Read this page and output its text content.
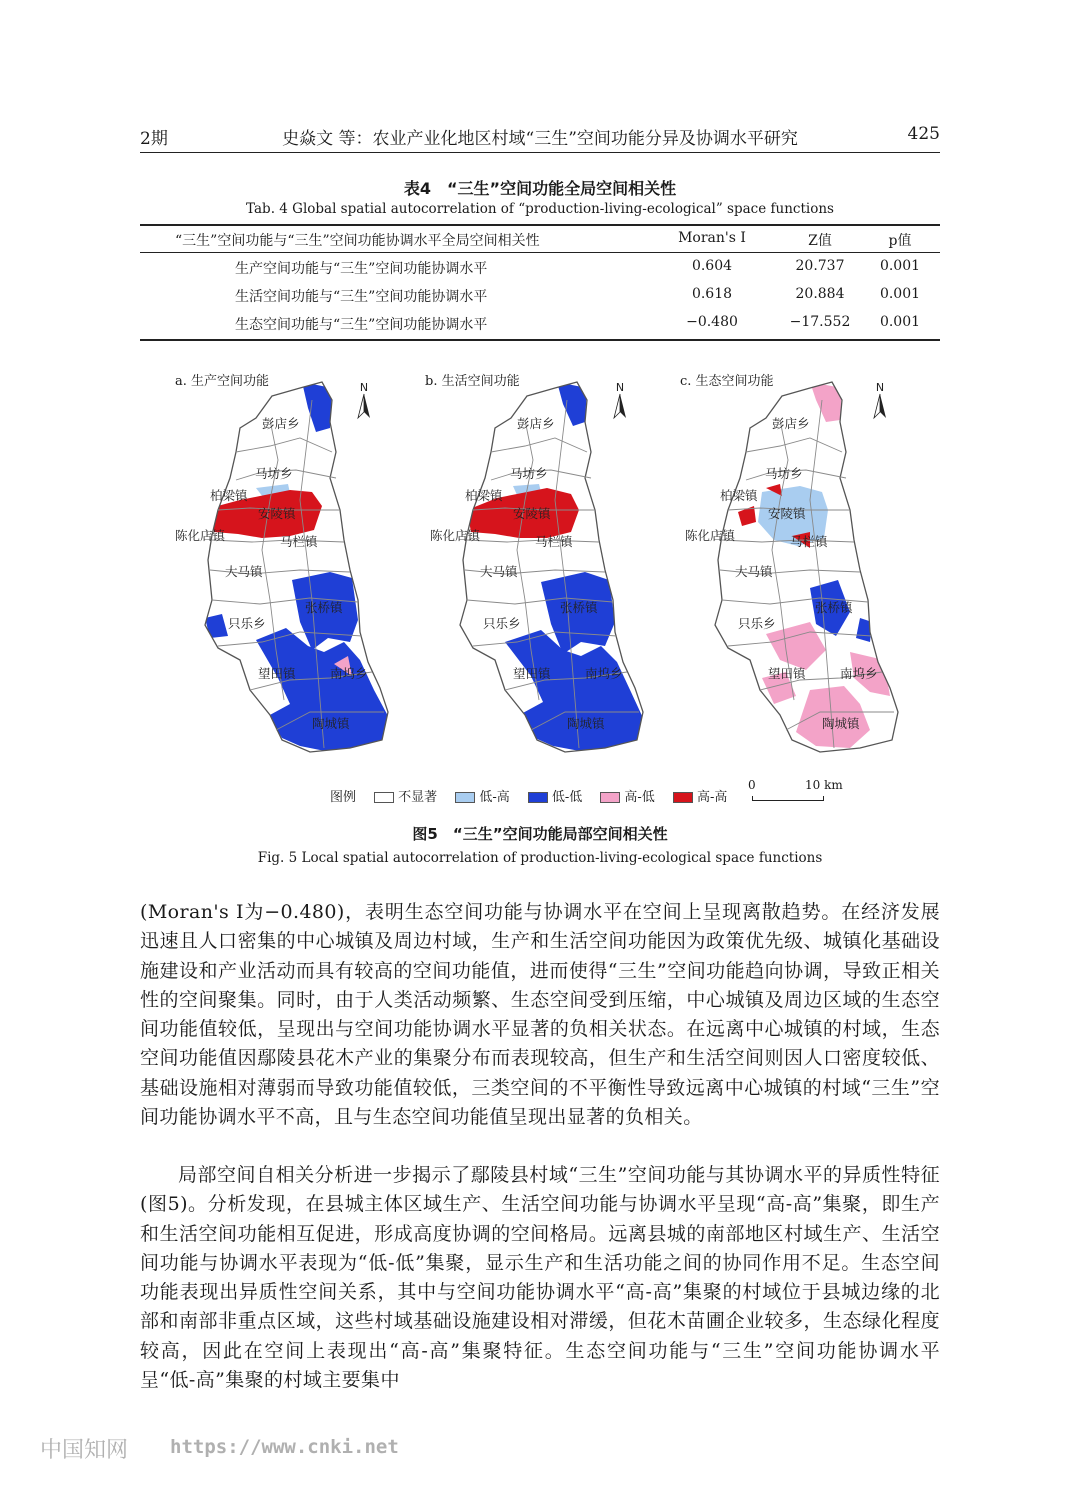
2期	史焱文 等：农业产业化地区村域“三生”空间功能分异及协调水平研究	425
表4　“三生”空间功能全局空间相关性
Tab. 4 Global spatial autocorrelation of “production-living-ecological” space functions
“三生”空间功能与“三生”空间功能协调水平全局空间相关性	Moran's I	Z值	p值
生产空间功能与“三生”空间功能协调水平	0.604	20.737	0.001
生活空间功能与“三生”空间功能协调水平	0.618	20.884	0.001
生态空间功能与“三生”空间功能协调水平	−0.480	−17.552	0.001
a. 生产空间功能	b. 生活空间功能	c. 生态空间功能
N	N	N
彭店乡
马坊乡
柏梁镇
安陵镇
陈化店镇	马栏镇
大马镇
张桥镇
只乐乡
望田镇	南坞乡
陶城镇
彭店乡
马坊乡
柏梁镇
安陵镇
陈化店镇	马栏镇
大马镇
张桥镇
只乐乡
望田镇	南坞乡
陶城镇
彭店乡
马坊乡
柏梁镇
安陵镇
陈化店镇	马栏镇
大马镇
张桥镇
只乐乡
望田镇	南坞乡
陶城镇
图例	不显著	低-高	低-低	高-低	高-高
0	10 km
图5　“三生”空间功能局部空间相关性
Fig. 5 Local spatial autocorrelation of production-living-ecological space functions
(Moran's I为−0.480)，表明生态空间功能与协调水平在空间上呈现离散趋势。在经济发展迅速且人口密集的中心城镇及周边村域，生产和生活空间功能因为政策优先级、城镇化基础设施建设和产业活动而具有较高的空间功能值，进而使得“三生”空间功能趋向协调，导致正相关性的空间聚集。同时，由于人类活动频繁、生态空间受到压缩，中心城镇及周边区域的生态空间功能值较低，呈现出与空间功能协调水平显著的负相关状态。在远离中心城镇的村域，生态空间功能值因鄢陵县花木产业的集聚分布而表现较高，但生产和生活空间则因人口密度较低、基础设施相对薄弱而导致功能值较低，三类空间的不平衡性导致远离中心城镇的村域“三生”空间功能协调水平不高，且与生态空间功能值呈现出显著的负相关。
局部空间自相关分析进一步揭示了鄢陵县村域“三生”空间功能与其协调水平的异质性特征(图5)。分析发现，在县城主体区域生产、生活空间功能与协调水平呈现“高-高”集聚，即生产和生活空间功能相互促进，形成高度协调的空间格局。远离县城的南部地区村域生产、生活空间功能与协调水平表现为“低-低”集聚，显示生产和生活功能之间的协同作用不足。生态空间功能表现出异质性空间关系，其中与空间功能协调水平“高-高”集聚的村域位于县城边缘的北部和南部非重点区域，这些村域基础设施建设相对滞缓，但花木苗圃企业较多，生态绿化程度较高，因此在空间上表现出“高-高”集聚特征。生态空间功能与“三生”空间功能协调水平呈“低-高”集聚的村域主要集中
中国知网 https://www.cnki.net
